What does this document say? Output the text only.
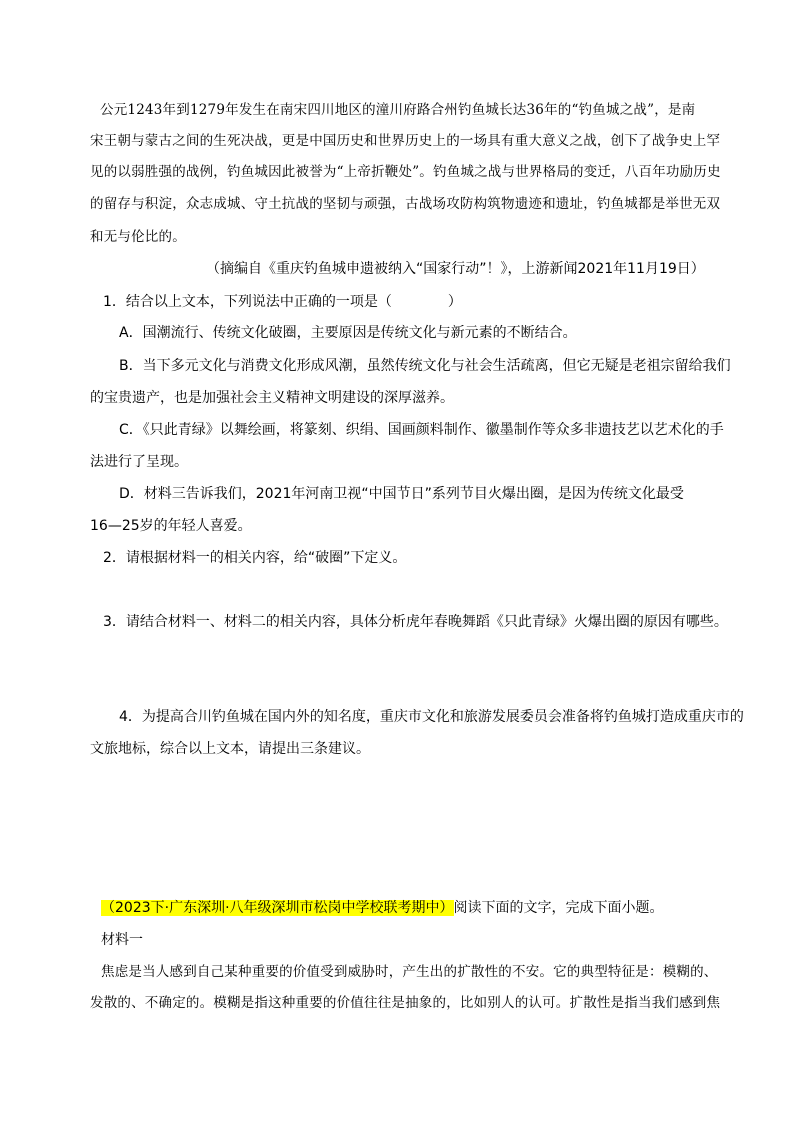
公元1243年到1279年发生在南宋四川地区的潼川府路合州钓鱼城长达36年的“钓鱼城之战”，是南
宋王朝与蒙古之间的生死决战，更是中国历史和世界历史上的一场具有重大意义之战，创下了战争史上罕
见的以弱胜强的战例，钓鱼城因此被誉为“上帝折鞭处”。钓鱼城之战与世界格局的变迁，八百年功励历史
的留存与积淀，众志成城、守土抗战的坚韧与顽强，古战场攻防构筑物遗迹和遗址，钓鱼城都是举世无双
和无与伦比的。
（摘编自《重庆钓鱼城申遗被纳入“国家行动”！》，上游新闻2021年11月19日）
1．结合以上文本，下列说法中正确的一项是（　　　　）
A．国潮流行、传统文化破圈，主要原因是传统文化与新元素的不断结合。
B．当下多元文化与消费文化形成风潮，虽然传统文化与社会生活疏离，但它无疑是老祖宗留给我们
的宝贵遗产，也是加强社会主义精神文明建设的深厚滋养。
C．《只此青绿》以舞绘画，将篆刻、织绢、国画颜料制作、徽墨制作等众多非遗技艺以艺术化的手
法进行了呈现。
D．材料三告诉我们，2021年河南卫视“中国节日”系列节目火爆出圈，是因为传统文化最受
16—25岁的年轻人喜爱。
2．请根据材料一的相关内容，给“破圈”下定义。
3．请结合材料一、材料二的相关内容，具体分析虎年春晚舞蹈《只此青绿》火爆出圈的原因有哪些。
4．为提高合川钓鱼城在国内外的知名度，重庆市文化和旅游发展委员会准备将钓鱼城打造成重庆市的
文旅地标，综合以上文本，请提出三条建议。
（2023下·广东深圳·八年级深圳市松岗中学校联考期中）阅读下面的文字，完成下面小题。
材料一
焦虑是当人感到自己某种重要的价值受到威胁时，产生出的扩散性的不安。它的典型特征是：模糊的、
发散的、不确定的。模糊是指这种重要的价值往往是抽象的，比如别人的认可。扩散性是指当我们感到焦
